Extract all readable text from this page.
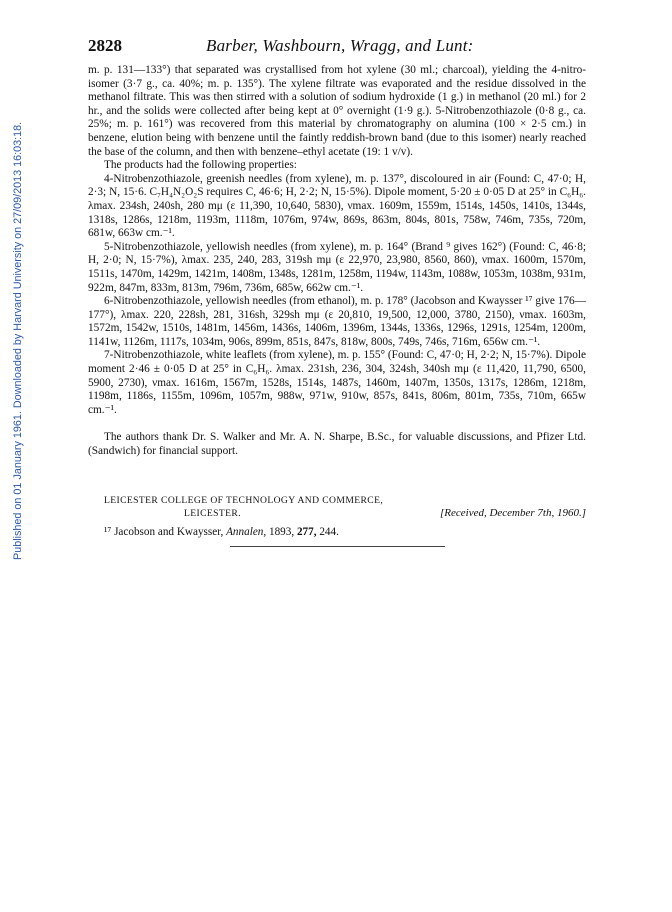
Published on 01 January 1961. Downloaded by Harvard University on 27/09/2013 16:03:18.
2828	Barber, Washbourn, Wragg, and Lunt:

m. p. 131—133°) that separated was crystallised from hot xylene (30 ml.; charcoal), yielding the 4-nitro-isomer (3·7 g., ca. 40%; m. p. 135°). The xylene filtrate was evaporated and the residue dissolved in the methanol filtrate. This was then stirred with a solution of sodium hydroxide (1 g.) in methanol (20 ml.) for 2 hr., and the solids were collected after being kept at 0° overnight (1·9 g.). 5-Nitrobenzothiazole (0·8 g., ca. 25%; m. p. 161°) was recovered from this material by chromatography on alumina (100 × 2·5 cm.) in benzene, elution being with benzene until the faintly reddish-brown band (due to this isomer) nearly reached the base of the column, and then with benzene–ethyl acetate (19: 1 v/v).

The products had the following properties:

4-Nitrobenzothiazole, greenish needles (from xylene), m. p. 137°, discoloured in air (Found: C, 47·0; H, 2·3; N, 15·6. C₇H₄N₂O₂S requires C, 46·6; H, 2·2; N, 15·5%). Dipole moment, 5·20 ± 0·05 D at 25° in C₆H₆. λmax. 234sh, 240sh, 280 mμ (ε 11,390, 10,640, 5830), νmax. 1609m, 1559m, 1514s, 1450s, 1410s, 1344s, 1318s, 1286s, 1218m, 1193m, 1118m, 1076m, 974w, 869s, 863m, 804s, 801s, 758w, 746m, 735s, 720m, 681w, 663w cm.⁻¹.

5-Nitrobenzothiazole, yellowish needles (from xylene), m. p. 164° (Brand ⁹ gives 162°) (Found: C, 46·8; H, 2·0; N, 15·7%), λmax. 235, 240, 283, 319sh mμ (ε 22,970, 23,980, 8560, 860), νmax. 1600m, 1570m, 1511s, 1470m, 1429m, 1421m, 1408m, 1348s, 1281m, 1258m, 1194w, 1143m, 1088w, 1053m, 1038m, 931m, 922m, 847m, 833m, 813m, 796m, 736m, 685w, 662w cm.⁻¹.

6-Nitrobenzothiazole, yellowish needles (from ethanol), m. p. 178° (Jacobson and Kwaysser ¹⁷ give 176—177°), λmax. 220, 228sh, 281, 316sh, 329sh mμ (ε 20,810, 19,500, 12,000, 3780, 2150), νmax. 1603m, 1572m, 1542w, 1510s, 1481m, 1456m, 1436s, 1406m, 1396m, 1344s, 1336s, 1296s, 1291s, 1254m, 1200m, 1141w, 1126m, 1117s, 1034m, 906s, 899m, 851s, 847s, 818w, 800s, 749s, 746s, 716m, 656w cm.⁻¹.

7-Nitrobenzothiazole, white leaflets (from xylene), m. p. 155° (Found: C, 47·0; H, 2·2; N, 15·7%). Dipole moment 2·46 ± 0·05 D at 25° in C₆H₆. λmax. 231sh, 236, 304, 324sh, 340sh mμ (ε 11,420, 11,790, 6500, 5900, 2730), νmax. 1616m, 1567m, 1528s, 1514s, 1487s, 1460m, 1407m, 1350s, 1317s, 1286m, 1218m, 1198m, 1186s, 1155m, 1096m, 1057m, 988w, 971w, 910w, 857s, 841s, 806m, 801m, 735s, 710m, 665w cm.⁻¹.

The authors thank Dr. S. Walker and Mr. A. N. Sharpe, B.Sc., for valuable discussions, and Pfizer Ltd. (Sandwich) for financial support.

LEICESTER COLLEGE OF TECHNOLOGY AND COMMERCE,
LEICESTER.	[Received, December 7th, 1960.]
¹⁷ Jacobson and Kwaysser, Annalen, 1893, 277, 244.
